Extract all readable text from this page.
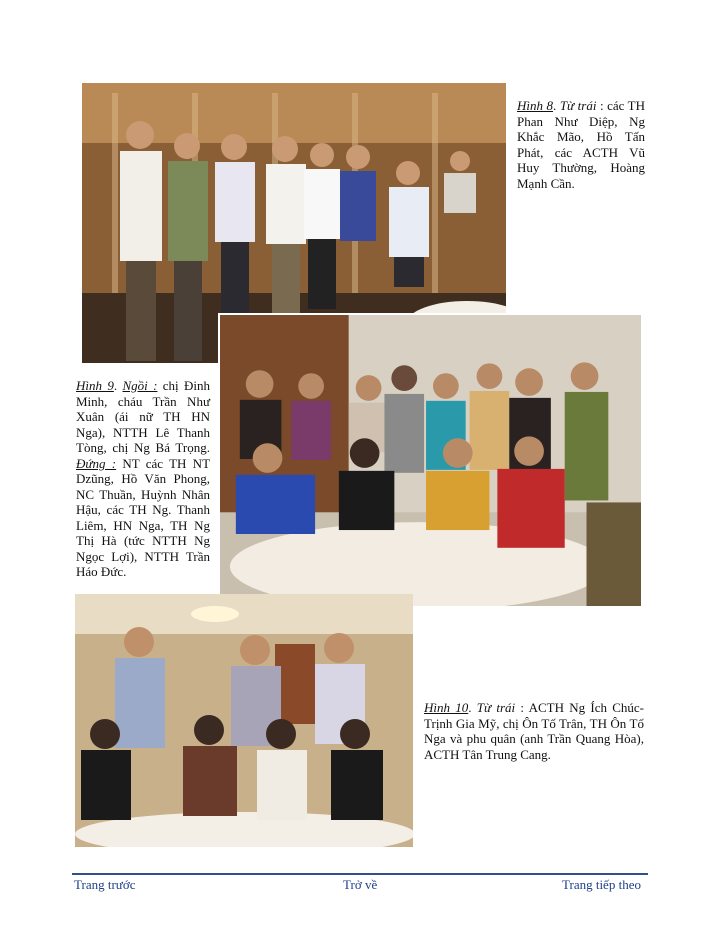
Hình 8. Từ trái : các TH Phan Như Diệp, Ng Khắc Mão, Hồ Tấn Phát, các ACTH Vũ Huy Thường, Hoàng Mạnh Cần.

Hình 9. Ngồi : chị Đinh Minh, cháu Trần Như Xuân (ái nữ TH HN Nga), NTTH Lê Thanh Tòng, chị Ng Bá Trọng. Đứng : NT các TH NT Dzũng, Hồ Văn Phong, NC Thuần, Huỳnh Nhân Hậu, các TH Ng. Thanh Liêm, HN Nga, TH Ng Thị Hà (tức NTTH Ng Ngọc Lợi), NTTH Trần Háo Đức.

Hình 10. Từ trái : ACTH Ng Ích Chúc-Trịnh Gia Mỹ, chị Ôn Tố Trân, TH Ôn Tố Nga và phu quân (anh Trần Quang Hòa), ACTH Tân Trung Cang.

Trang trước	Trở về	Trang tiếp theo
